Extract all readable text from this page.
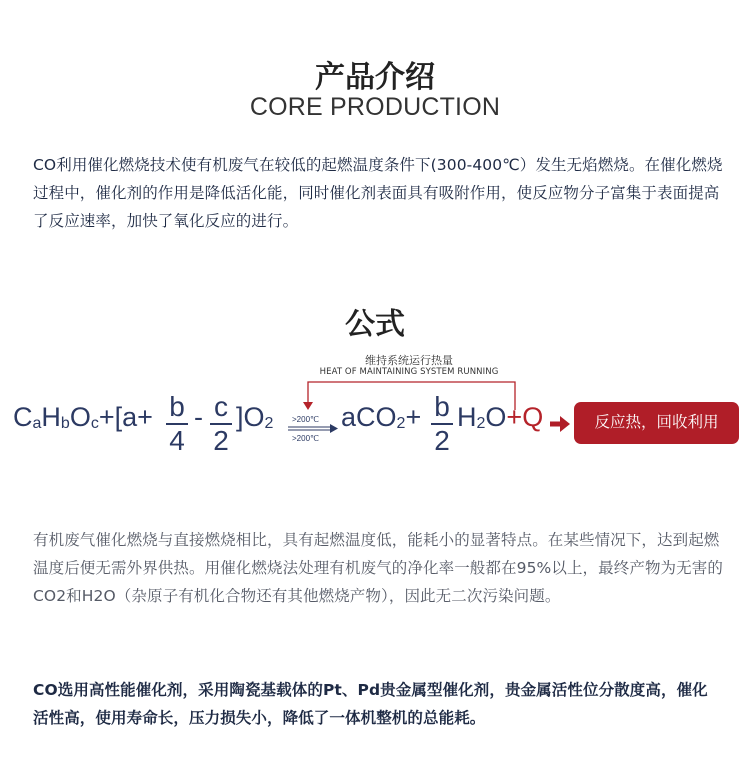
产品介绍
CORE PRODUCTION
CO利用催化燃烧技术使有机废气在较低的起燃温度条件下(300-400℃）发生无焰燃烧。在催化燃烧过程中，催化剂的作用是降低活化能，同时催化剂表面具有吸附作用，使反应物分子富集于表面提高了反应速率，加快了氧化反应的进行。
公式
维持系统运行热量
HEAT OF MAINTAINING SYSTEM RUNNING
$C_aH_bO_c+[a+ b$
4
- c
2
]$O_2$ >200℃
>200℃
aCO$_2$+ b
2
$H_2O+Q$	反应热，回收利用
有机废气催化燃烧与直接燃烧相比，具有起燃温度低，能耗小的显著特点。在某些情况下，达到起燃温度后便无需外界供热。用催化燃烧法处理有机废气的净化率一般都在95%以上，最终产物为无害的CO2和H2O（杂原子有机化合物还有其他燃烧产物），因此无二次污染问题。
CO选用高性能催化剂，采用陶瓷基载体的Pt、Pd贵金属型催化剂，贵金属活性位分散度高，催化活性高，使用寿命长，压力损失小，降低了一体机整机的总能耗。
